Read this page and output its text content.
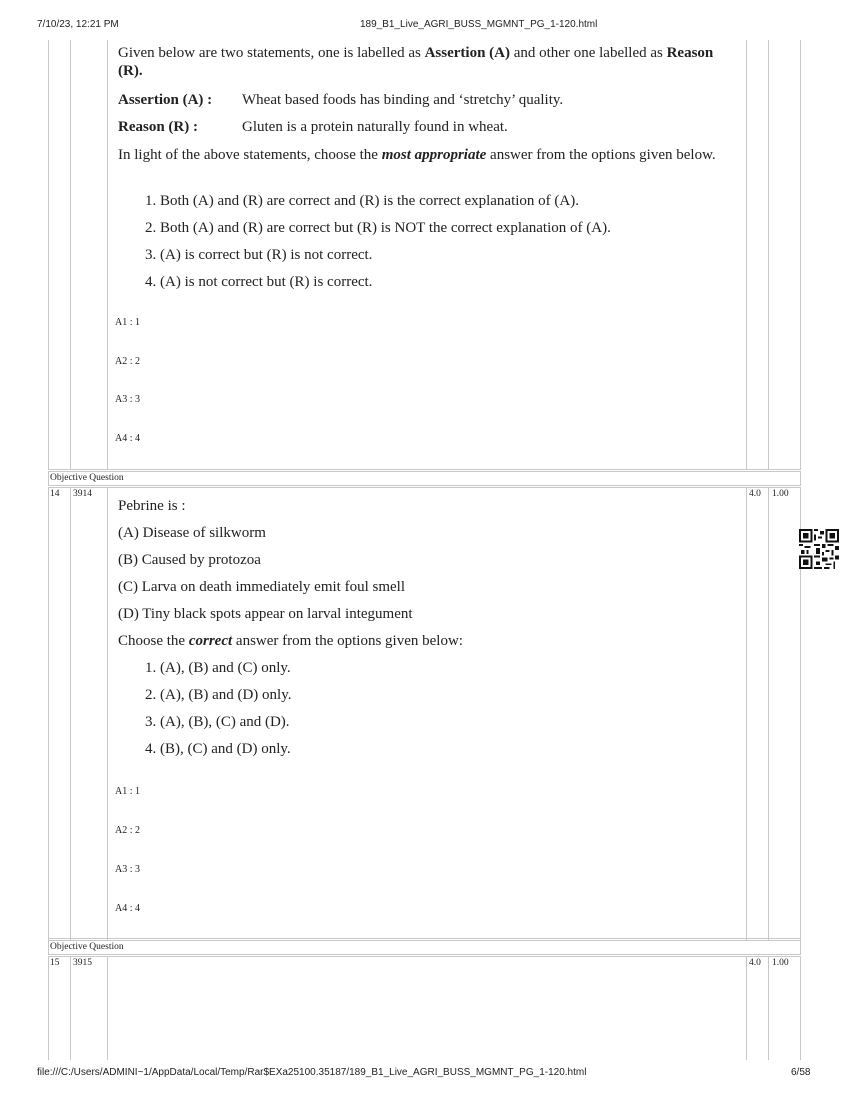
7/10/23, 12:21 PM	189_B1_Live_AGRI_BUSS_MGMNT_PG_1-120.html
file:///C:/Users/ADMINI~1/AppData/Local/Temp/Rar$EXa25100.35187/189_B1_Live_AGRI_BUSS_MGMNT_PG_1-120.html	6/58
Given below are two statements, one is labelled as Assertion (A) and other one labelled as Reason (R).
Assertion (A) : Wheat based foods has binding and ‘stretchy’ quality.
Reason (R) :	Gluten is a protein naturally found in wheat.
In light of the above statements, choose the most appropriate answer from the options given below.
1. Both (A) and (R) are correct and (R) is the correct explanation of (A).
2. Both (A) and (R) are correct but (R) is NOT the correct explanation of (A).
3. (A) is correct but (R) is not correct.
4. (A) is not correct but (R) is correct.
A1 : 1
A2 : 2
A3 : 3
A4 : 4
Objective Question
14 3914	4.0 1.00
Pebrine is :
(A) Disease of silkworm
(B) Caused by protozoa
(C) Larva on death immediately emit foul smell
(D) Tiny black spots appear on larval integument
Choose the correct answer from the options given below:
1. (A), (B) and (C) only.
2. (A), (B) and (D) only.
3. (A), (B), (C) and (D).
4. (B), (C) and (D) only.
A1 : 1
A2 : 2
A3 : 3
A4 : 4
Objective Question
15 3915	4.0 1.00
